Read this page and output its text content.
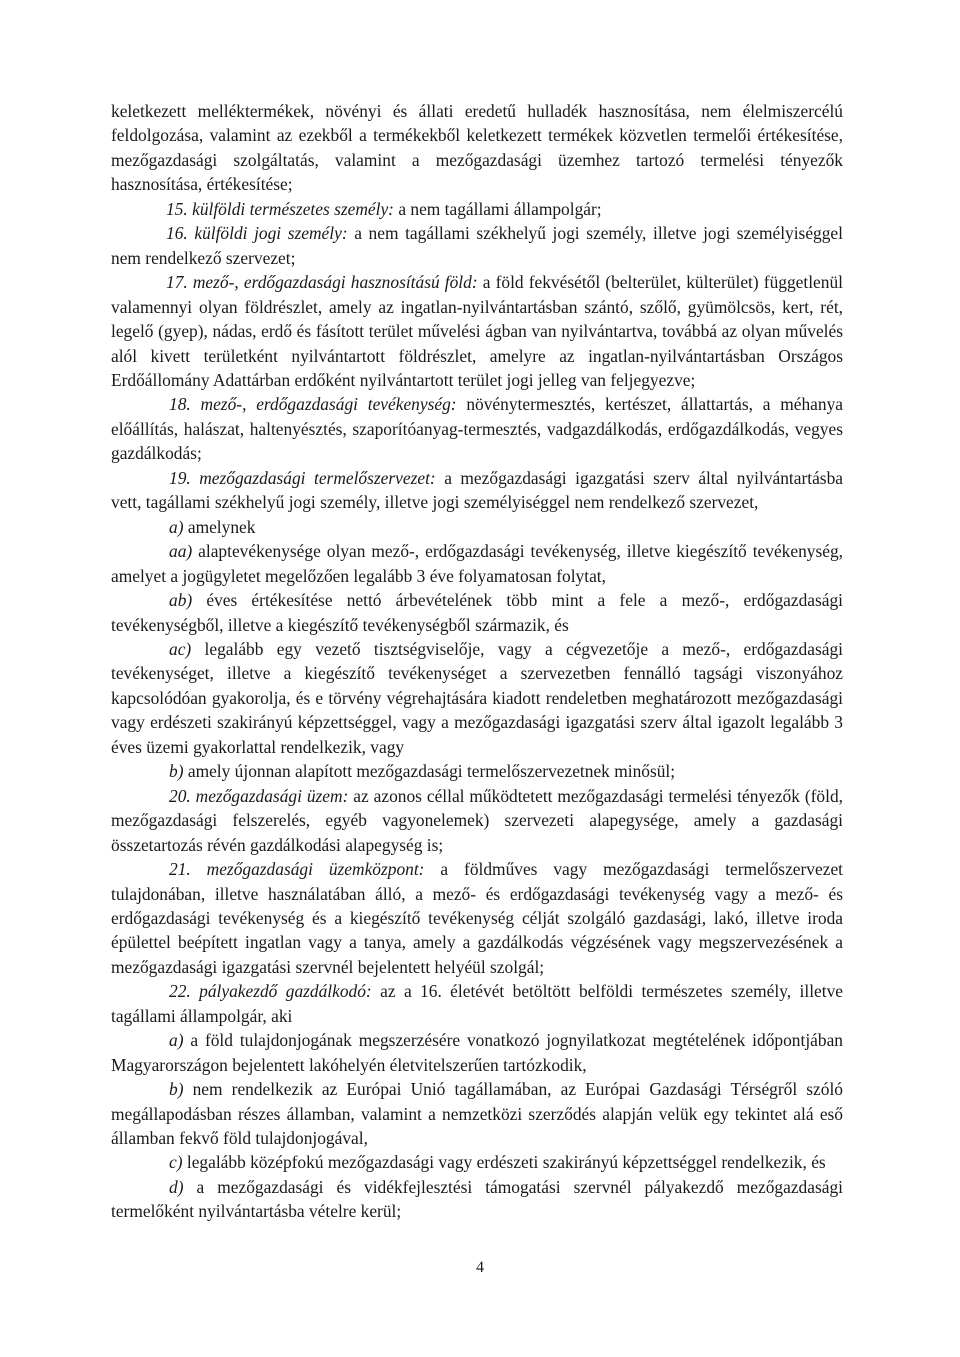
keletkezett melléktermékek, növényi és állati eredetű hulladék hasznosítása, nem élelmiszercélú feldolgozása, valamint az ezekből a termékekből keletkezett termékek közvetlen termelői értékesítése, mezőgazdasági szolgáltatás, valamint a mezőgazdasági üzemhez tartozó termelési tényezők hasznosítása, értékesítése;

15. külföldi természetes személy: a nem tagállami állampolgár;

16. külföldi jogi személy: a nem tagállami székhelyű jogi személy, illetve jogi személyiséggel nem rendelkező szervezet;

17. mező-, erdőgazdasági hasznosítású föld: a föld fekvésétől (belterület, külterület) függetlenül valamennyi olyan földrészlet, amely az ingatlan-nyilvántartásban szántó, szőlő, gyümölcsös, kert, rét, legelő (gyep), nádas, erdő és fásított terület művelési ágban van nyilvántartva, továbbá az olyan művelés alól kivett területként nyilvántartott földrészlet, amelyre az ingatlan-nyilvántartásban Országos Erdőállomány Adattárban erdőként nyilvántartott terület jogi jelleg van feljegyezve;

18. mező-, erdőgazdasági tevékenység: növénytermesztés, kertészet, állattartás, a méhanya előállítás, halászat, haltenyésztés, szaporítóanyag-termesztés, vadgazdálkodás, erdőgazdálkodás, vegyes gazdálkodás;

19. mezőgazdasági termelőszervezet: a mezőgazdasági igazgatási szerv által nyilvántartásba vett, tagállami székhelyű jogi személy, illetve jogi személyiséggel nem rendelkező szervezet,

a) amelynek

aa) alaptevékenysége olyan mező-, erdőgazdasági tevékenység, illetve kiegészítő tevékenység, amelyet a jogügyletet megelőzően legalább 3 éve folyamatosan folytat,

ab) éves értékesítése nettó árbevételének több mint a fele a mező-, erdőgazdasági tevékenységből, illetve a kiegészítő tevékenységből származik, és

ac) legalább egy vezető tisztségviselője, vagy a cégvezetője a mező-, erdőgazdasági tevékenységet, illetve a kiegészítő tevékenységet a szervezetben fennálló tagsági viszonyához kapcsolódóan gyakorolja, és e törvény végrehajtására kiadott rendeletben meghatározott mezőgazdasági vagy erdészeti szakirányú képzettséggel, vagy a mezőgazdasági igazgatási szerv által igazolt legalább 3 éves üzemi gyakorlattal rendelkezik, vagy

b) amely újonnan alapított mezőgazdasági termelőszervezetnek minősül;

20. mezőgazdasági üzem: az azonos céllal működtetett mezőgazdasági termelési tényezők (föld, mezőgazdasági felszerelés, egyéb vagyonelemek) szervezeti alapegysége, amely a gazdasági összetartozás révén gazdálkodási alapegység is;

21. mezőgazdasági üzemközpont: a földműves vagy mezőgazdasági termelőszervezet tulajdonában, illetve használatában álló, a mező- és erdőgazdasági tevékenység vagy a mező- és erdőgazdasági tevékenység és a kiegészítő tevékenység célját szolgáló gazdasági, lakó, illetve iroda épülettel beépített ingatlan vagy a tanya, amely a gazdálkodás végzésének vagy megszervezésének a mezőgazdasági igazgatási szervnél bejelentett helyéül szolgál;

22. pályakezdő gazdálkodó: az a 16. életévét betöltött belföldi természetes személy, illetve tagállami állampolgár, aki

a) a föld tulajdonjogának megszerzésére vonatkozó jognyilatkozat megtételének időpontjában Magyarországon bejelentett lakóhelyén életvitelszerűen tartózkodik,

b) nem rendelkezik az Európai Unió tagállamában, az Európai Gazdasági Térségről szóló megállapodásban részes államban, valamint a nemzetközi szerződés alapján velük egy tekintet alá eső államban fekvő föld tulajdonjogával,

c) legalább középfokú mezőgazdasági vagy erdészeti szakirányú képzettséggel rendelkezik, és

d) a mezőgazdasági és vidékfejlesztési támogatási szervnél pályakezdő mezőgazdasági termelőként nyilvántartásba vételre kerül;

4
